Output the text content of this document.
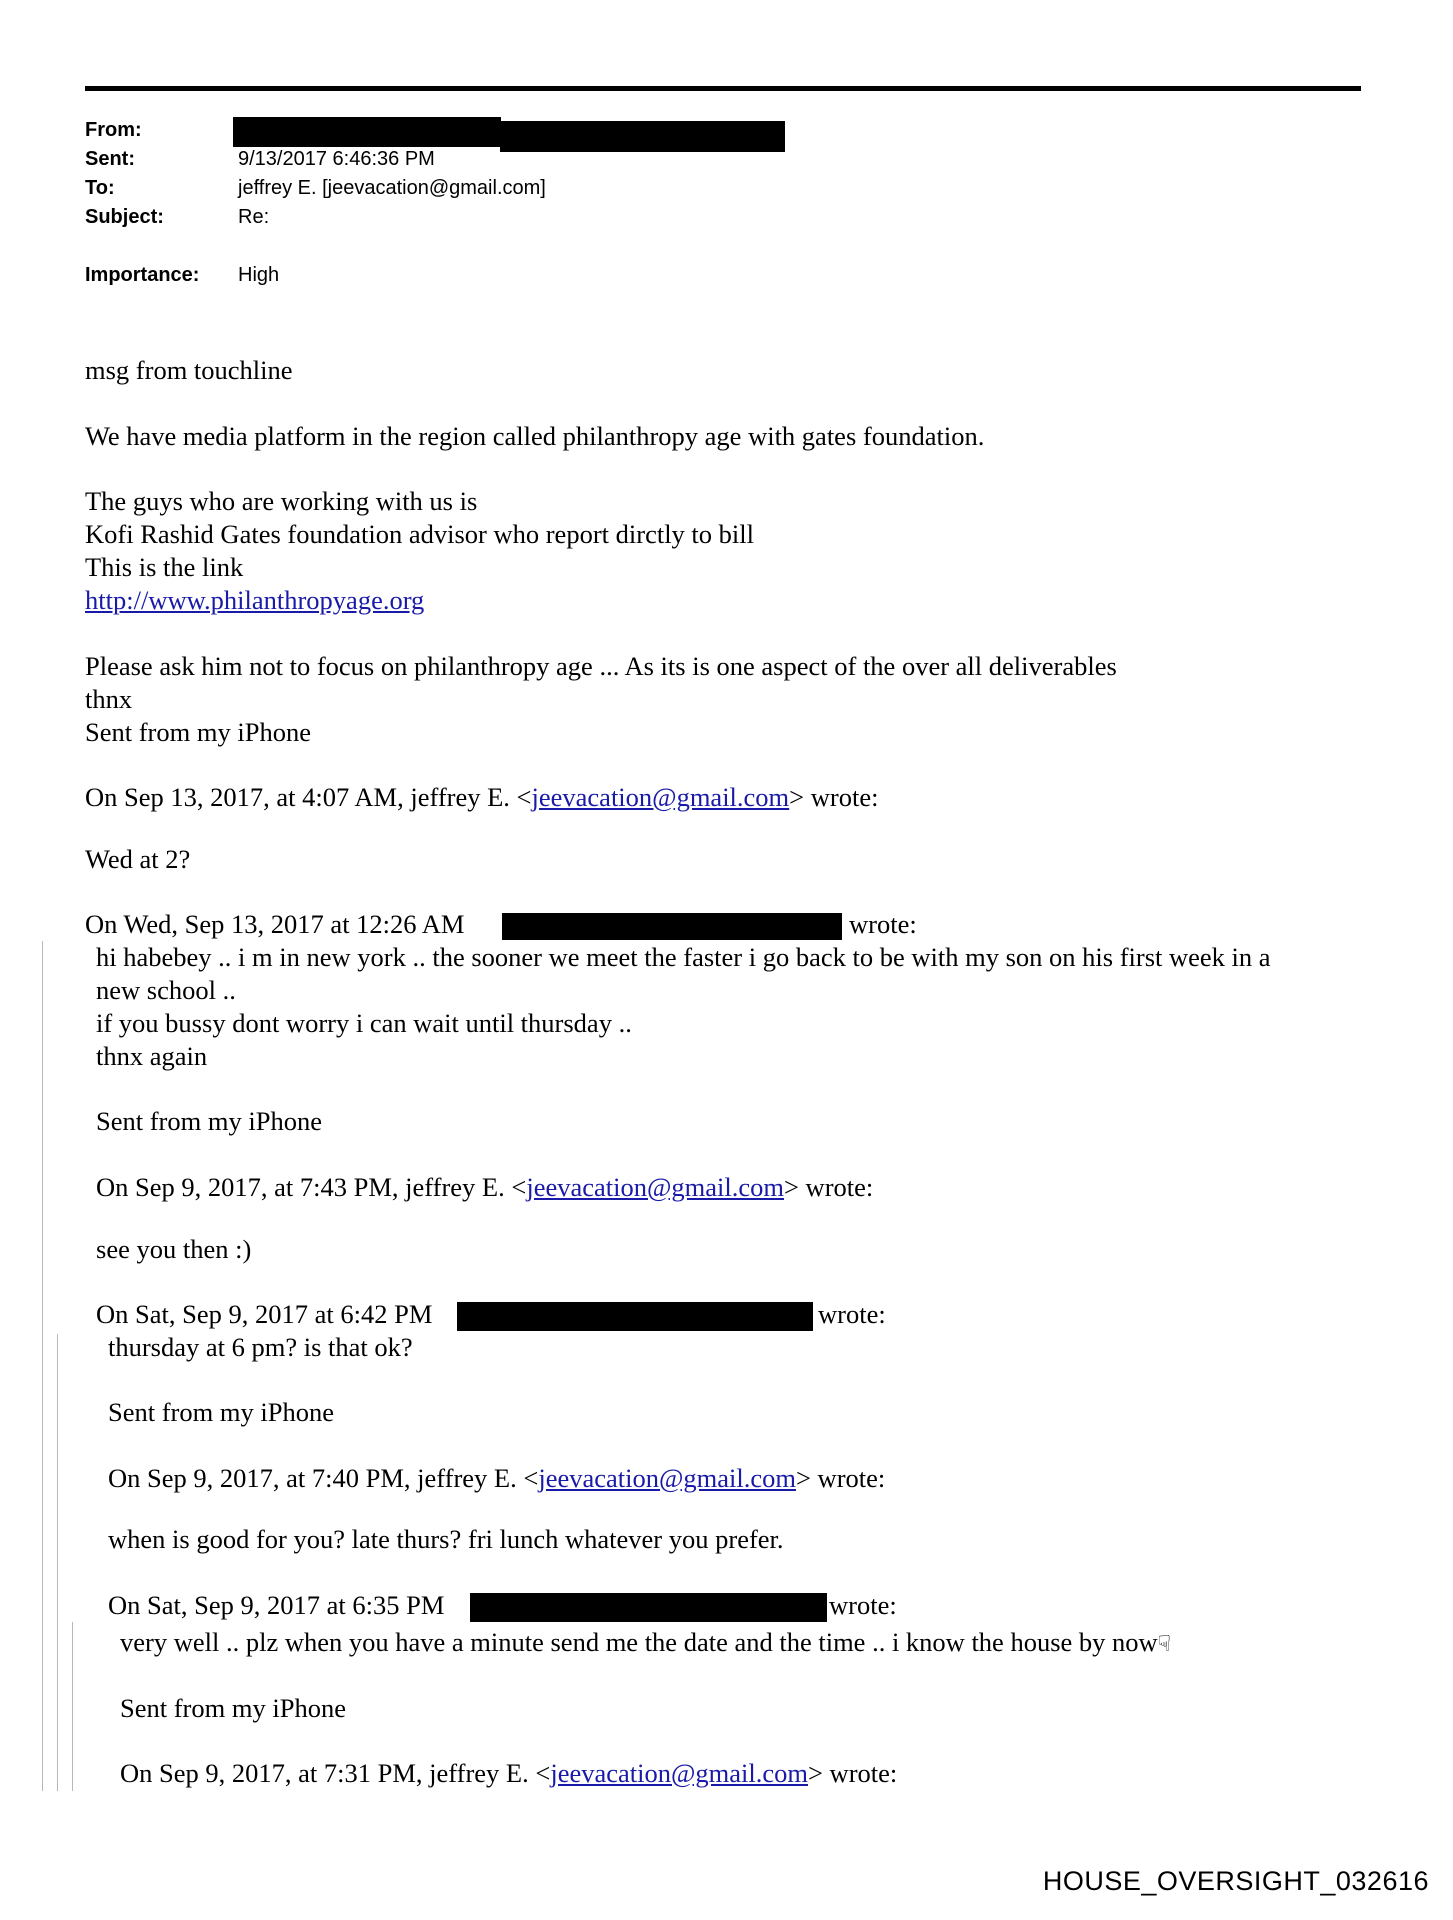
From:
Sent:	9/13/2017 6:46:36 PM
To:	jeffrey E. [jeevacation@gmail.com]
Subject:	Re:
Importance: High
msg from touchline
We have media platform in the region called philanthropy age with gates foundation.
The guys who are working with us is
Kofi Rashid Gates foundation advisor who report dirctly to bill
This is the link
http://www.philanthropyage.org
Please ask him not to focus on philanthropy age ... As its is one aspect of the over all deliverables
thnx
Sent from my iPhone
On Sep 13, 2017, at 4:07 AM, jeffrey E. <jeevacation@gmail.com> wrote:
Wed at 2?
On Wed, Sep 13, 2017 at 12:26 AM	wrote:
hi habebey .. i m in new york .. the sooner we meet the faster i go back to be with my son on his first week in a
new school ..
if you bussy dont worry i can wait until thursday ..
thnx again
Sent from my iPhone
On Sep 9, 2017, at 7:43 PM, jeffrey E. <jeevacation@gmail.com> wrote:
see you then :)
On Sat, Sep 9, 2017 at 6:42 PM	wrote:
thursday at 6 pm? is that ok?
Sent from my iPhone
On Sep 9, 2017, at 7:40 PM, jeffrey E. <jeevacation@gmail.com> wrote:
when is good for you? late thurs? fri lunch whatever you prefer.
On Sat, Sep 9, 2017 at 6:35 PM	wrote:
very well .. plz when you have a minute send me the date and the time .. i know the house by now☟
Sent from my iPhone
On Sep 9, 2017, at 7:31 PM, jeffrey E. <jeevacation@gmail.com> wrote:
HOUSE_OVERSIGHT_032616
